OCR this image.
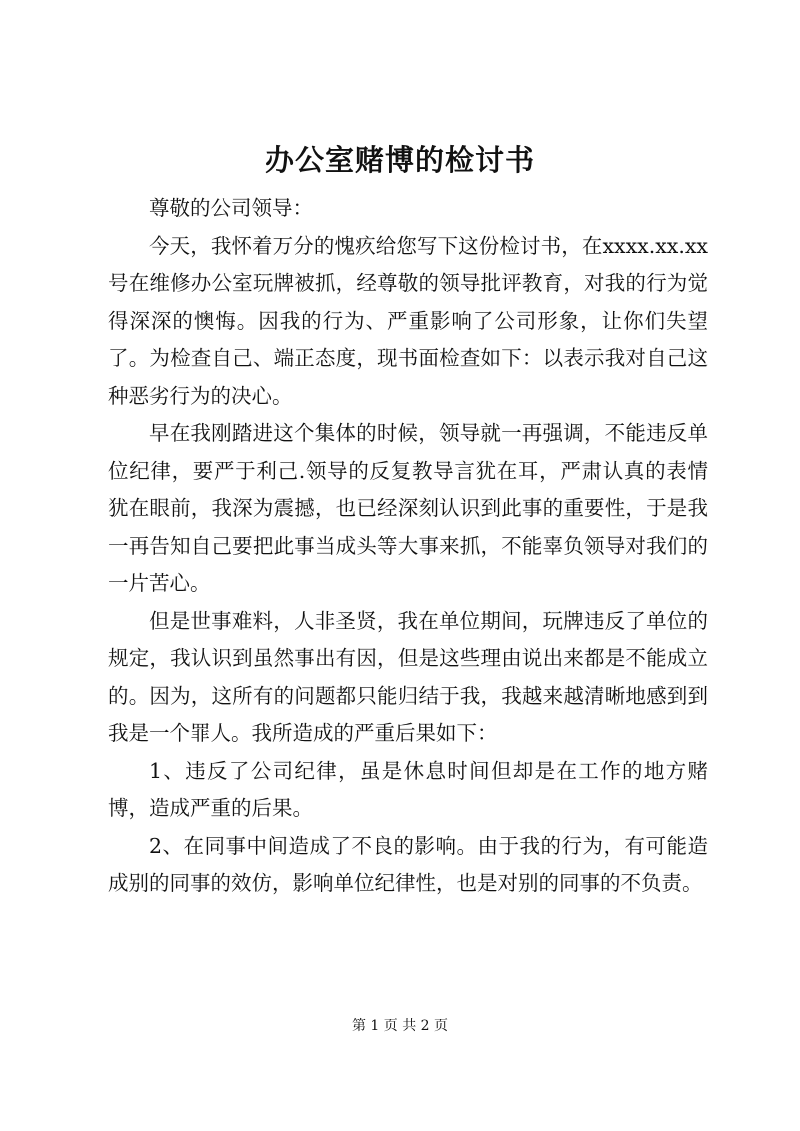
办公室赌博的检讨书

尊敬的公司领导：

今天，我怀着万分的愧疚给您写下这份检讨书，在xxxx.xx.xx号在维修办公室玩牌被抓，经尊敬的领导批评教育，对我的行为觉得深深的懊悔。因我的行为、严重影响了公司形象，让你们失望了。为检查自己、端正态度，现书面检查如下：以表示我对自己这种恶劣行为的决心。

早在我刚踏进这个集体的时候，领导就一再强调，不能违反单位纪律，要严于利己.领导的反复教导言犹在耳，严肃认真的表情犹在眼前，我深为震撼，也已经深刻认识到此事的重要性，于是我一再告知自己要把此事当成头等大事来抓，不能辜负领导对我们的一片苦心。

但是世事难料，人非圣贤，我在单位期间，玩牌违反了单位的规定，我认识到虽然事出有因，但是这些理由说出来都是不能成立的。因为，这所有的问题都只能归结于我，我越来越清晰地感到到我是一个罪人。我所造成的严重后果如下：

1、违反了公司纪律，虽是休息时间但却是在工作的地方赌博，造成严重的后果。

2、在同事中间造成了不良的影响。由于我的行为，有可能造成别的同事的效仿，影响单位纪律性，也是对别的同事的不负责。

第 1 页 共 2 页
